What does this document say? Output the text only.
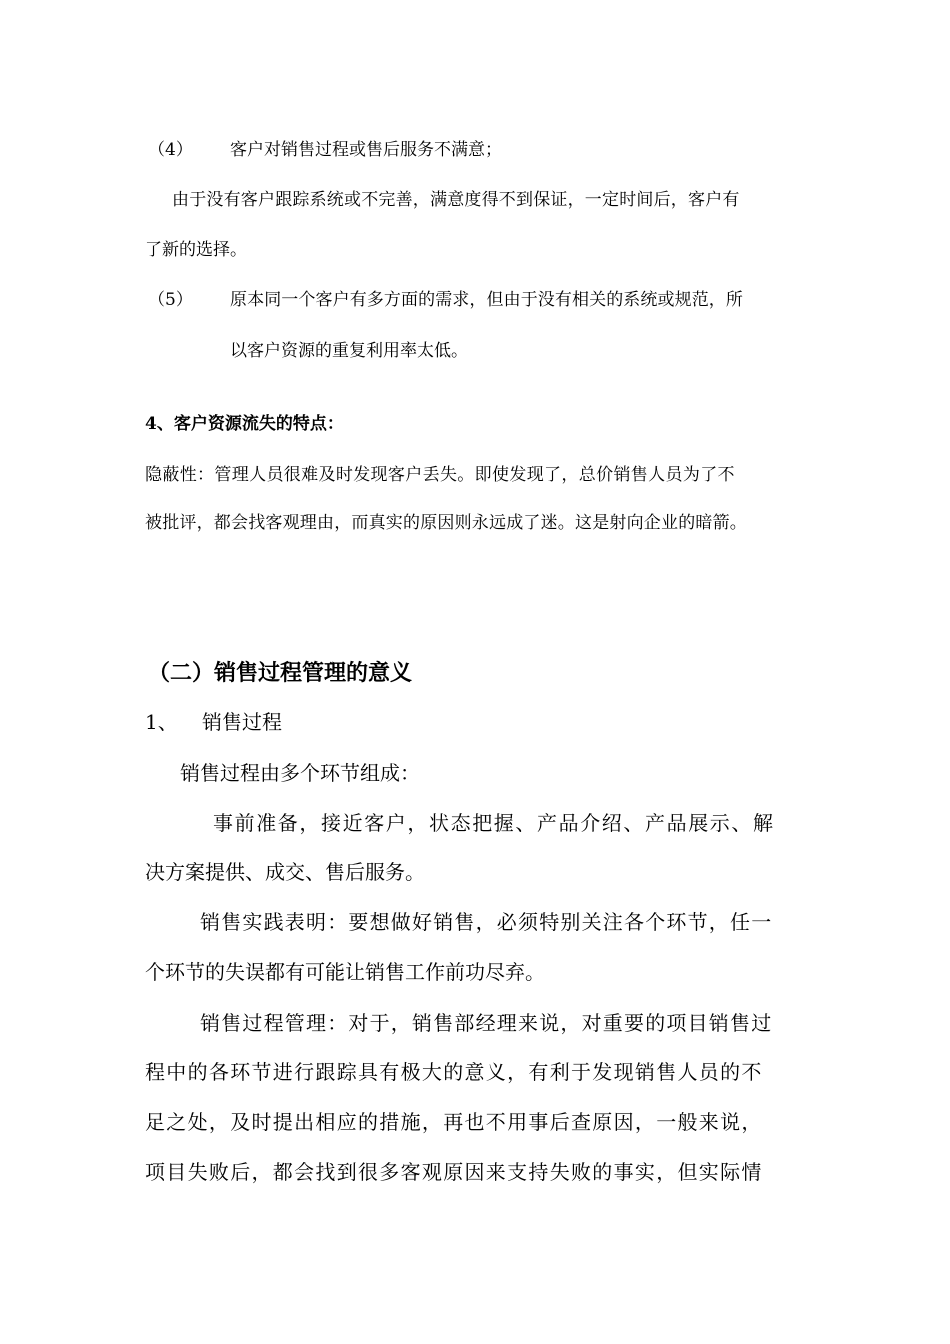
（4） 客户对销售过程或售后服务不满意；
由于没有客户跟踪系统或不完善，满意度得不到保证，一定时间后，客户有
了新的选择。
（5） 原本同一个客户有多方面的需求，但由于没有相关的系统或规范，所
以客户资源的重复利用率太低。
4、客户资源流失的特点：
隐蔽性：管理人员很难及时发现客户丢失。即使发现了，总价销售人员为了不
被批评，都会找客观理由，而真实的原因则永远成了迷。这是射向企业的暗箭。
（二）销售过程管理的意义
1、 销售过程
销售过程由多个环节组成：
事前准备，接近客户，状态把握、产品介绍、产品展示、解
决方案提供、成交、售后服务。
销售实践表明：要想做好销售，必须特别关注各个环节，任一
个环节的失误都有可能让销售工作前功尽弃。
销售过程管理：对于，销售部经理来说，对重要的项目销售过
程中的各环节进行跟踪具有极大的意义，有利于发现销售人员的不
足之处，及时提出相应的措施，再也不用事后查原因，一般来说，
项目失败后，都会找到很多客观原因来支持失败的事实，但实际情
